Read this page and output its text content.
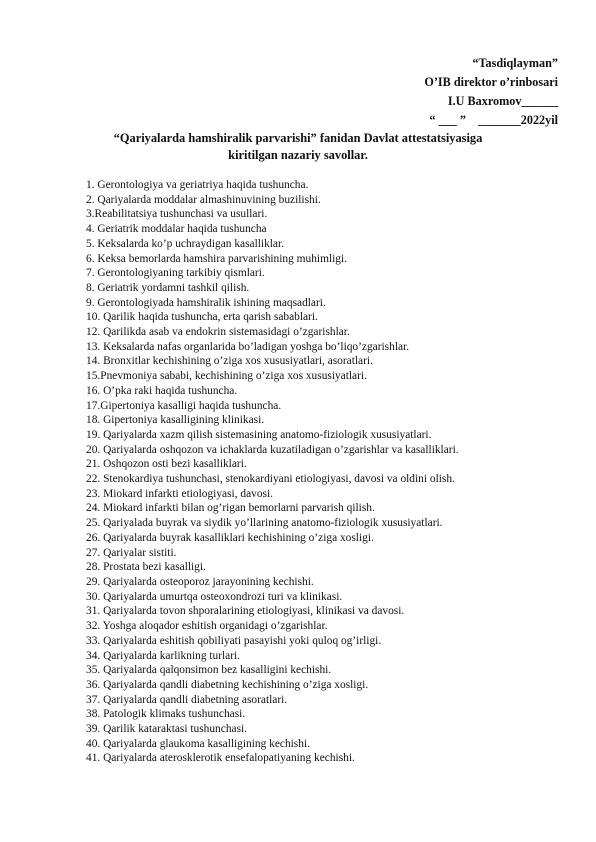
“Tasdiqlayman”
O’IB direktor o’rinbosari
I.U Baxromov______
“ ___ ”    _______2022yil
“Qariyalarda hamshiralik parvarishi” fanidan Davlat attestatsiyasiga
kiritilgan nazariy savollar.
1. Gerontologiya va geriatriya haqida tushuncha.
2. Qariyalarda moddalar almashinuvining buzilishi.
3.Reabilitatsiya tushunchasi va usullari.
4. Geriatrik moddalar haqida tushuncha
5. Keksalarda ko’p uchraydigan kasalliklar.
6. Keksa bemorlarda hamshira parvarishining muhimligi.
7. Gerontologiyaning tarkibiy qismlari.
8. Geriatrik yordamni tashkil qilish.
9. Gerontologiyada hamshiralik ishining maqsadlari.
10. Qarilik haqida tushuncha, erta qarish sabablari.
12. Qarilikda asab va endokrin sistemasidagi o’zgarishlar.
13. Keksalarda nafas organlarida bo’ladigan yoshga bo’liqo’zgarishlar.
14. Bronxitlar kechishining o’ziga xos xususiyatlari, asoratlari.
15.Pnevmoniya sababi, kechishining o’ziga xos xususiyatlari.
16. O’pka raki haqida tushuncha.
17.Gipertoniya kasalligi haqida tushuncha.
18. Gipertoniya kasalligining klinikasi.
19. Qariyalarda xazm qilish sistemasining anatomo-fiziologik xususiyatlari.
20. Qariyalarda oshqozon va ichaklarda kuzatiladigan o’zgarishlar va kasalliklari.
21. Oshqozon osti bezi kasalliklari.
22. Stenokardiya tushunchasi, stenokardiyani etiologiyasi, davosi va oldini olish.
23. Miokard infarkti etiologiyasi, davosi.
24. Miokard infarkti bilan og’rigan bemorlarni parvarish qilish.
25. Qariyalada buyrak va siydik yo’llarining anatomo-fiziologik xususiyatlari.
26. Qariyalarda buyrak kasalliklari kechishining o’ziga xosligi.
27. Qariyalar sistiti.
28. Prostata bezi kasalligi.
29. Qariyalarda osteoporoz jarayonining kechishi.
30. Qariyalarda umurtqa osteoxondrozi turi va klinikasi.
31. Qariyalarda tovon shporalarining etiologiyasi, klinikasi va davosi.
32. Yoshga aloqador eshitish organidagi o’zgarishlar.
33. Qariyalarda eshitish qobiliyati pasayishi yoki quloq og’irligi.
34. Qariyalarda karlikning turlari.
35. Qariyalarda qalqonsimon bez kasalligini kechishi.
36. Qariyalarda qandli diabetning kechishining o’ziga xosligi.
37. Qariyalarda qandli diabetning asoratlari.
38. Patologik klimaks tushunchasi.
39. Qarilik kataraktasi tushunchasi.
40. Qariyalarda glaukoma kasalligining kechishi.
41. Qariyalarda aterosklerotik ensefalopatiyaning kechishi.
